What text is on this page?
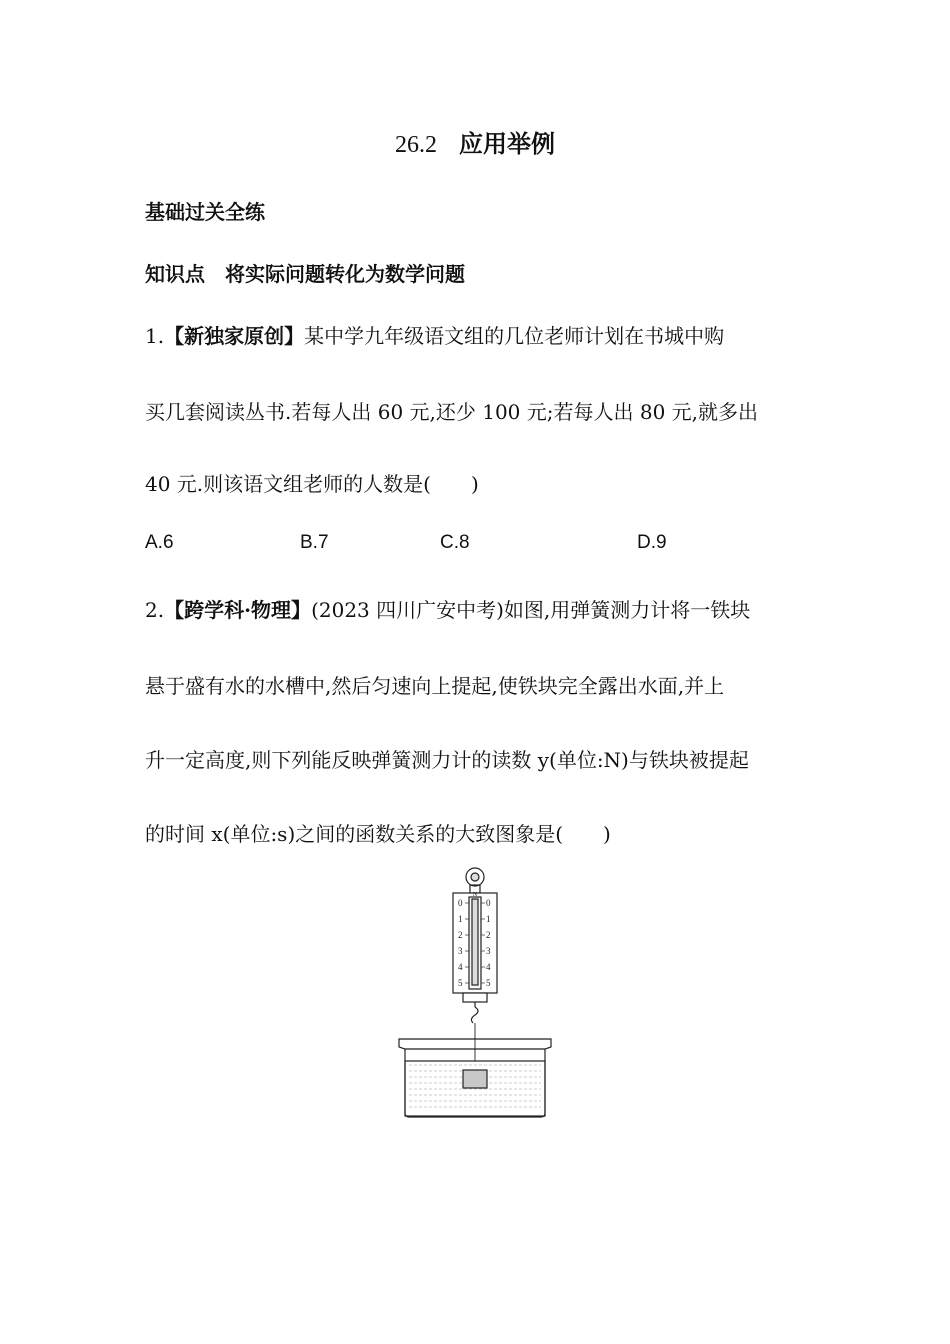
26.2 应用举例
基础过关全练
知识点　将实际问题转化为数学问题
1.【新独家原创】某中学九年级语文组的几位老师计划在书城中购
买几套阅读丛书.若每人出 60 元,还少 100 元;若每人出 80 元,就多出
40 元.则该语文组老师的人数是(　　)
A.6	B.7	C.8	D.9
2.【跨学科·物理】(2023 四川广安中考)如图,用弹簧测力计将一铁块
悬于盛有水的水槽中,然后匀速向上提起,使铁块完全露出水面,并上
升一定高度,则下列能反映弹簧测力计的读数 y(单位:N)与铁块被提起
的时间 x(单位:s)之间的函数关系的大致图象是(　　)
N
0
1
2
3
4
5
0
1
2
3
4
5
